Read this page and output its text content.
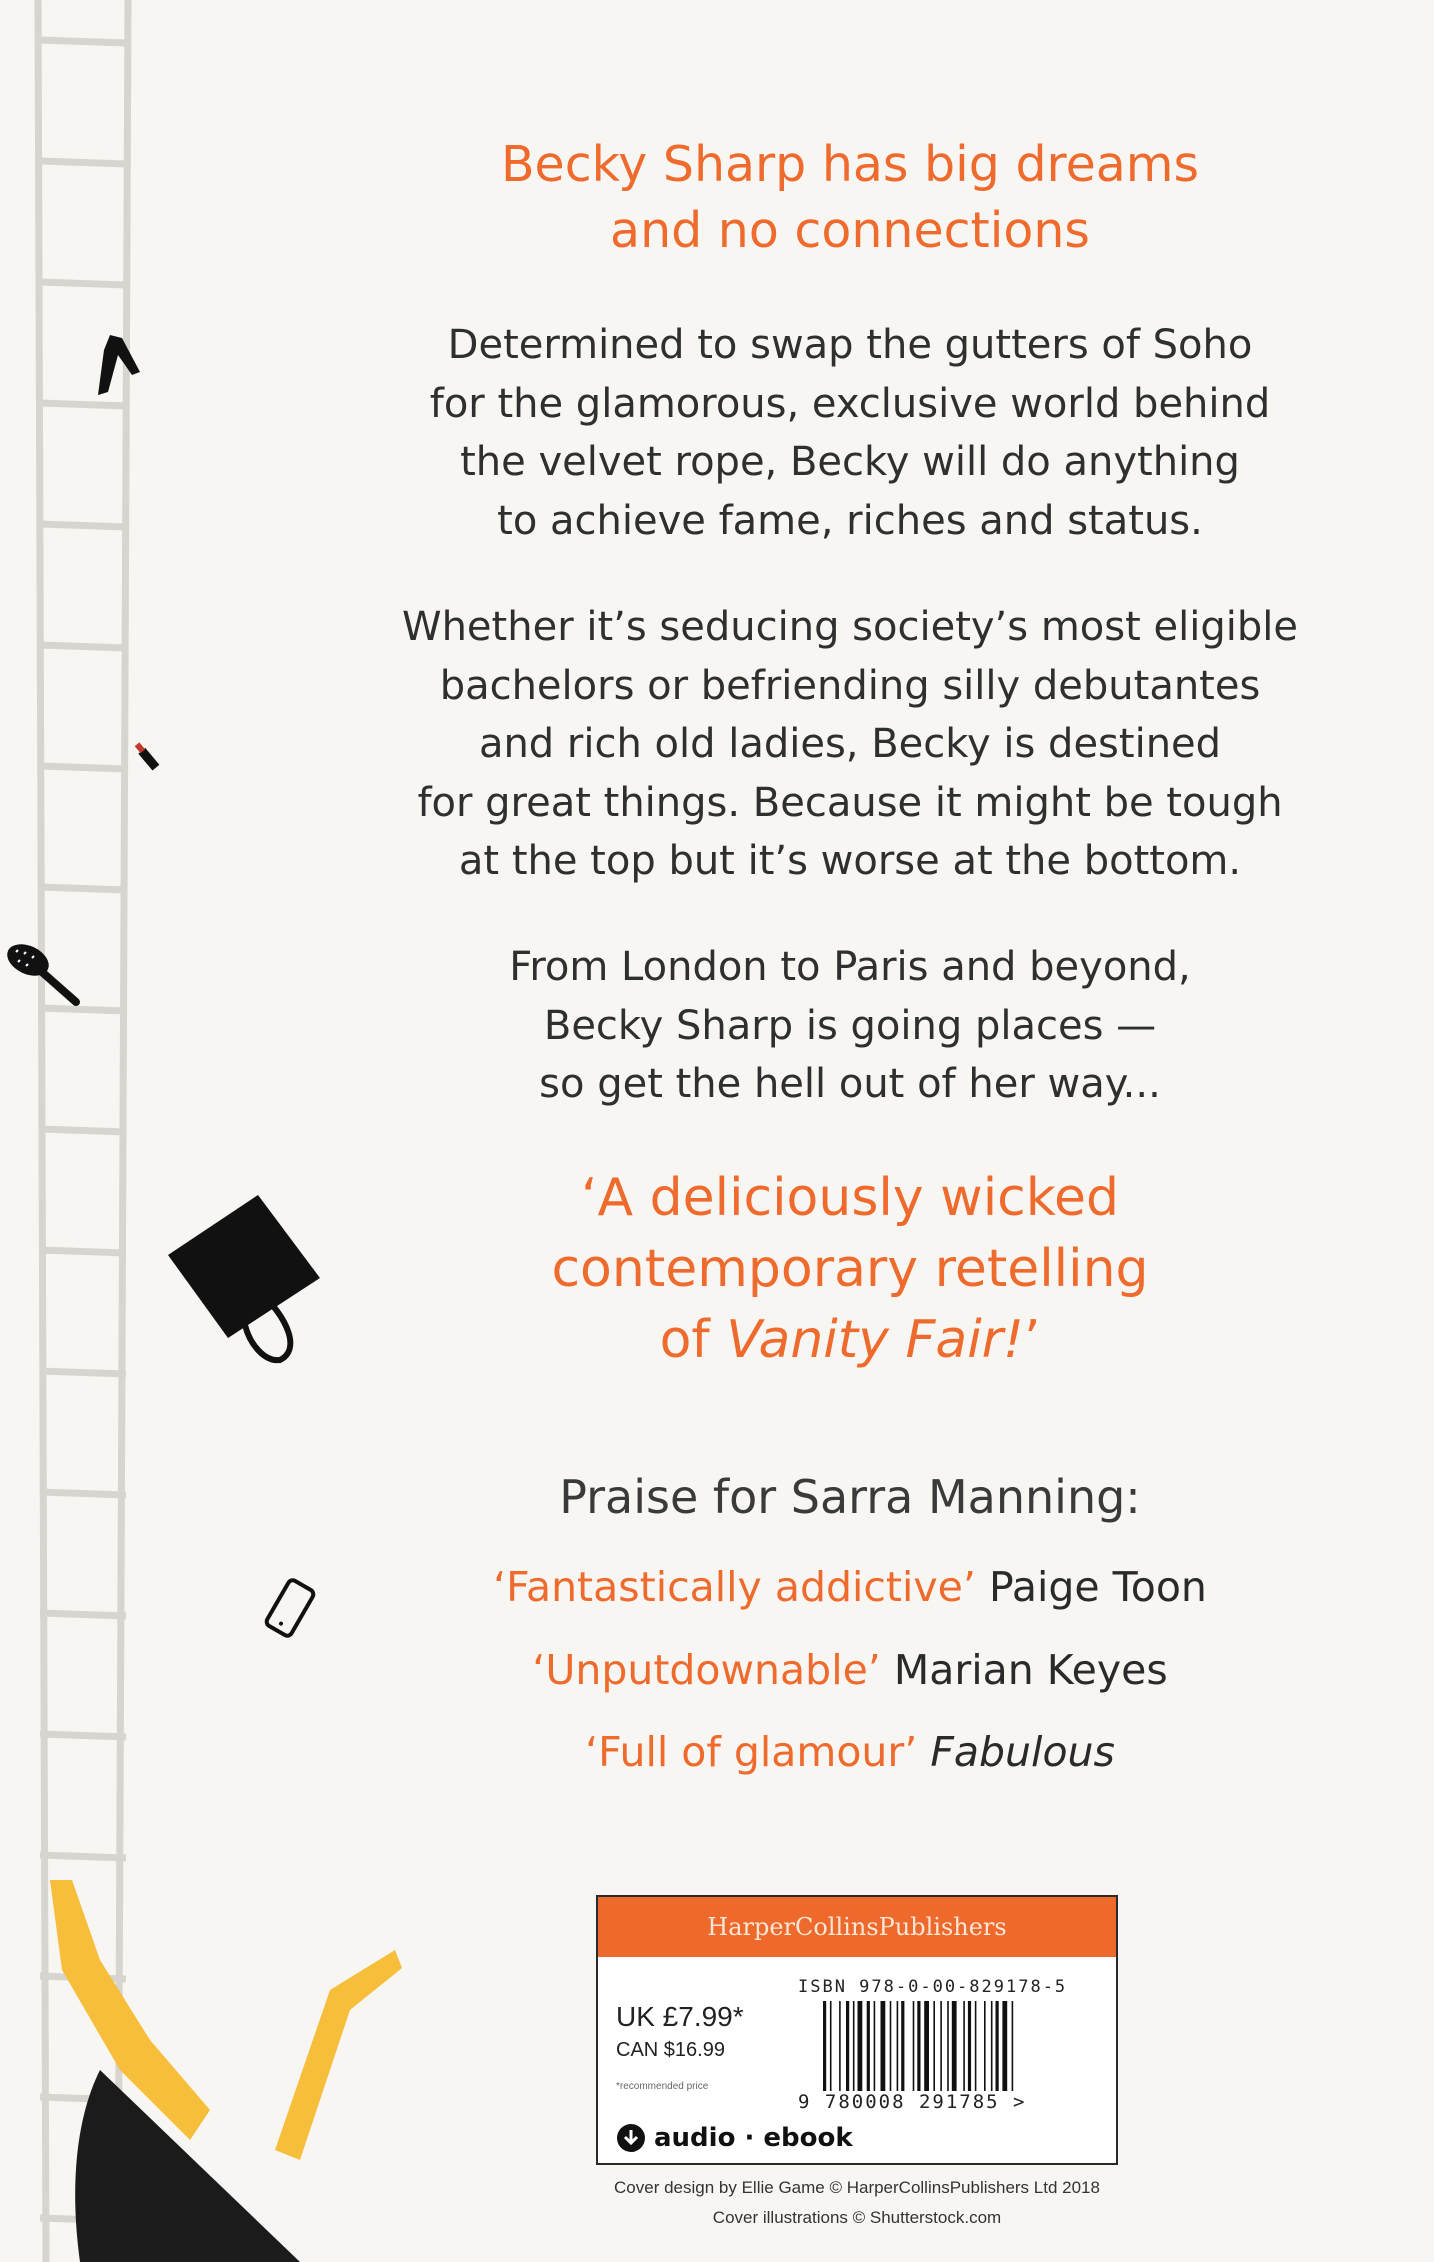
Becky Sharp has big dreams
and no connections
Determined to swap the gutters of Soho
for the glamorous, exclusive world behind
the velvet rope, Becky will do anything
to achieve fame, riches and status.
Whether it’s seducing society’s most eligible
bachelors or befriending silly debutantes
and rich old ladies, Becky is destined
for great things. Because it might be tough
at the top but it’s worse at the bottom.
From London to Paris and beyond,
Becky Sharp is going places —
so get the hell out of her way...
‘A deliciously wicked
contemporary retelling
of Vanity Fair!’
Praise for Sarra Manning:
‘Fantastically addictive’ Paige Toon
‘Unputdownable’ Marian Keyes
‘Full of glamour’ Fabulous
HarperCollinsPublishers
UK £7.99*
CAN $16.99
*recommended price
ISBN 978-0-00-829178-5
9 780008 291785 >
audio · ebook
Cover design by Ellie Game © HarperCollinsPublishers Ltd 2018
Cover illustrations © Shutterstock.com
